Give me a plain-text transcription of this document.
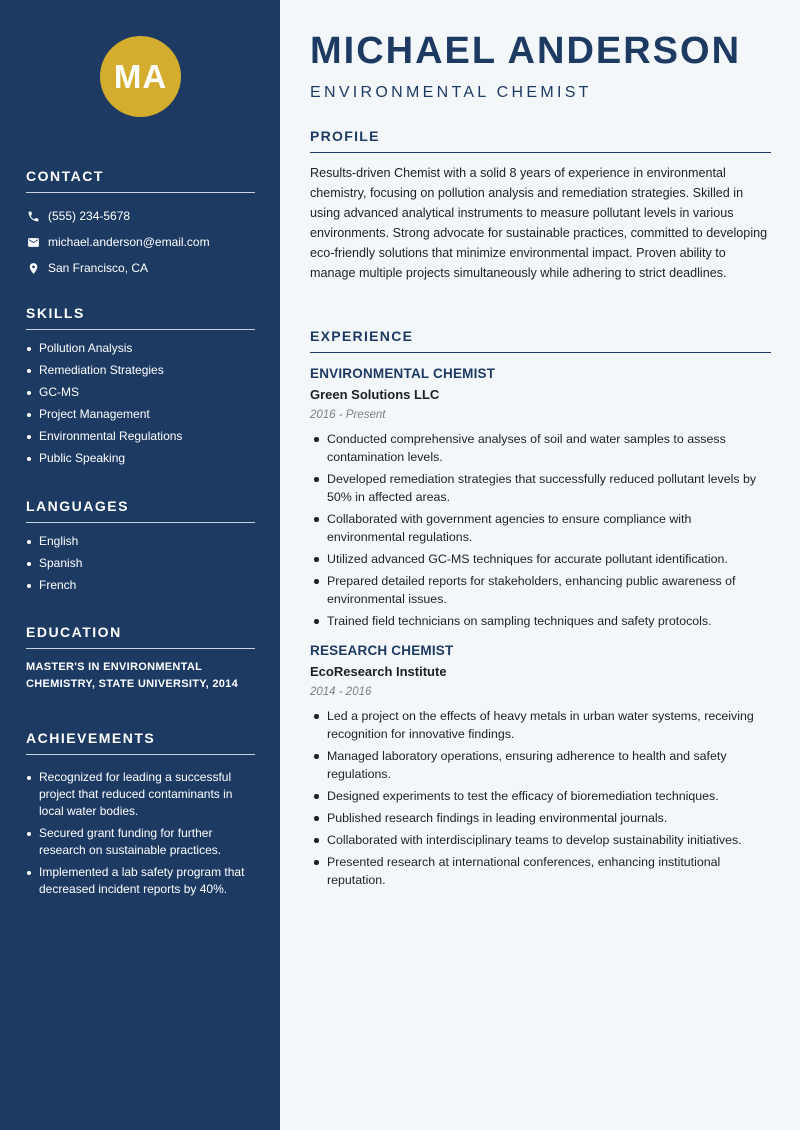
MA
CONTACT
(555) 234-5678
michael.anderson@email.com
San Francisco, CA
SKILLS
Pollution Analysis
Remediation Strategies
GC-MS
Project Management
Environmental Regulations
Public Speaking
LANGUAGES
English
Spanish
French
EDUCATION

MASTER'S IN ENVIRONMENTAL CHEMISTRY, STATE UNIVERSITY, 2014

ACHIEVEMENTS
Recognized for leading a successful project that reduced contaminants in local water bodies.
Secured grant funding for further research on sustainable practices.
Implemented a lab safety program that decreased incident reports by 40%.
MICHAEL ANDERSON
ENVIRONMENTAL CHEMIST
PROFILE

Results-driven Chemist with a solid 8 years of experience in environmental chemistry, focusing on pollution analysis and remediation strategies. Skilled in using advanced analytical instruments to measure pollutant levels in various environments. Strong advocate for sustainable practices, committed to developing eco-friendly solutions that minimize environmental impact. Proven ability to manage multiple projects simultaneously while adhering to strict deadlines.

EXPERIENCE
ENVIRONMENTAL CHEMIST
Green Solutions LLC
2016 - Present
Conducted comprehensive analyses of soil and water samples to assess contamination levels.
Developed remediation strategies that successfully reduced pollutant levels by 50% in affected areas.
Collaborated with government agencies to ensure compliance with environmental regulations.
Utilized advanced GC-MS techniques for accurate pollutant identification.
Prepared detailed reports for stakeholders, enhancing public awareness of environmental issues.
Trained field technicians on sampling techniques and safety protocols.
RESEARCH CHEMIST
EcoResearch Institute
2014 - 2016
Led a project on the effects of heavy metals in urban water systems, receiving recognition for innovative findings.
Managed laboratory operations, ensuring adherence to health and safety regulations.
Designed experiments to test the efficacy of bioremediation techniques.
Published research findings in leading environmental journals.
Collaborated with interdisciplinary teams to develop sustainability initiatives.
Presented research at international conferences, enhancing institutional reputation.
